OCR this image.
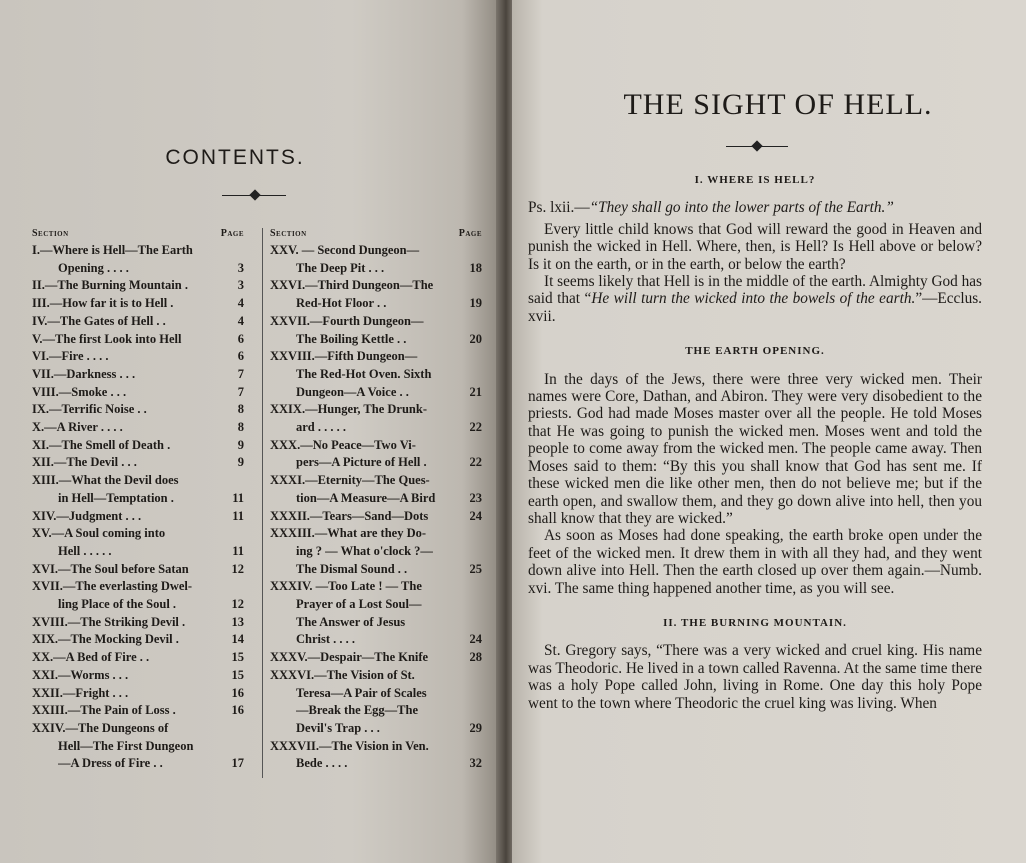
CONTENTS.
Section	Page
I.—Where is Hell—The Earth
Opening . . . .	3
II.—The Burning Mountain .	3
III.—How far it is to Hell .	4
IV.—The Gates of Hell . .	4
V.—The first Look into Hell	6
VI.—Fire . . . .	6
VII.—Darkness . . .	7
VIII.—Smoke . . .	7
IX.—Terrific Noise . .	8
X.—A River . . . .	8
XI.—The Smell of Death .	9
XII.—The Devil . . .	9
XIII.—What the Devil does
in Hell—Temptation .	11
XIV.—Judgment . . .	11
XV.—A Soul coming into
Hell . . . . .	11
XVI.—The Soul before Satan	12
XVII.—The everlasting Dwel-
ling Place of the Soul .	12
XVIII.—The Striking Devil .	13
XIX.—The Mocking Devil .	14
XX.—A Bed of Fire . .	15
XXI.—Worms . . .	15
XXII.—Fright . . .	16
XXIII.—The Pain of Loss .	16
XXIV.—The Dungeons of
Hell—The First Dungeon
—A Dress of Fire . .	17
Section	Page
XXV. — Second Dungeon—
The Deep Pit . . .	18
XXVI.—Third Dungeon—The
Red-Hot Floor . .	19
XXVII.—Fourth Dungeon—
The Boiling Kettle . .	20
XXVIII.—Fifth Dungeon—
The Red-Hot Oven. Sixth
Dungeon—A Voice . .	21
XXIX.—Hunger, The Drunk-
ard . . . . .	22
XXX.—No Peace—Two Vi-
pers—A Picture of Hell .	22
XXXI.—Eternity—The Ques-
tion—A Measure—A Bird	23
XXXII.—Tears—Sand—Dots	24
XXXIII.—What are they Do-
ing ? — What o'clock ?—
The Dismal Sound . .	25
XXXIV. —Too Late ! — The
Prayer of a Lost Soul—
The Answer of Jesus
Christ . . . .	24
XXXV.—Despair—The Knife	28
XXXVI.—The Vision of St.
Teresa—A Pair of Scales
—Break the Egg—The
Devil's Trap . . .	29
XXXVII.—The Vision in Ven.
Bede . . . .	32
THE SIGHT OF HELL.
I. WHERE IS HELL?

Ps. lxii.—“They shall go into the lower parts of the Earth.”

Every little child knows that God will reward the good in Heaven and punish the wicked in Hell. Where, then, is Hell? Is Hell above or below? Is it on the earth, or in the earth, or below the earth?

It seems likely that Hell is in the middle of the earth. Almighty God has said that “He will turn the wicked into the bowels of the earth.”—Ecclus. xvii.

THE EARTH OPENING.

In the days of the Jews, there were three very wicked men. Their names were Core, Dathan, and Abiron. They were very disobedient to the priests. God had made Moses master over all the people. He told Moses that He was going to punish the wicked men. Moses went and told the people to come away from the wicked men. The people came away. Then Moses said to them: “By this you shall know that God has sent me. If these wicked men die like other men, then do not believe me; but if the earth open, and swallow them, and they go down alive into hell, then you shall know that they are wicked.”

As soon as Moses had done speaking, the earth broke open under the feet of the wicked men. It drew them in with all they had, and they went down alive into Hell. Then the earth closed up over them again.—Numb. xvi. The same thing happened another time, as you will see.

II. THE BURNING MOUNTAIN.

St. Gregory says, “There was a very wicked and cruel king. His name was Theodoric. He lived in a town called Ravenna. At the same time there was a holy Pope called John, living in Rome. One day this holy Pope went to the town where Theodoric the cruel king was living. When
